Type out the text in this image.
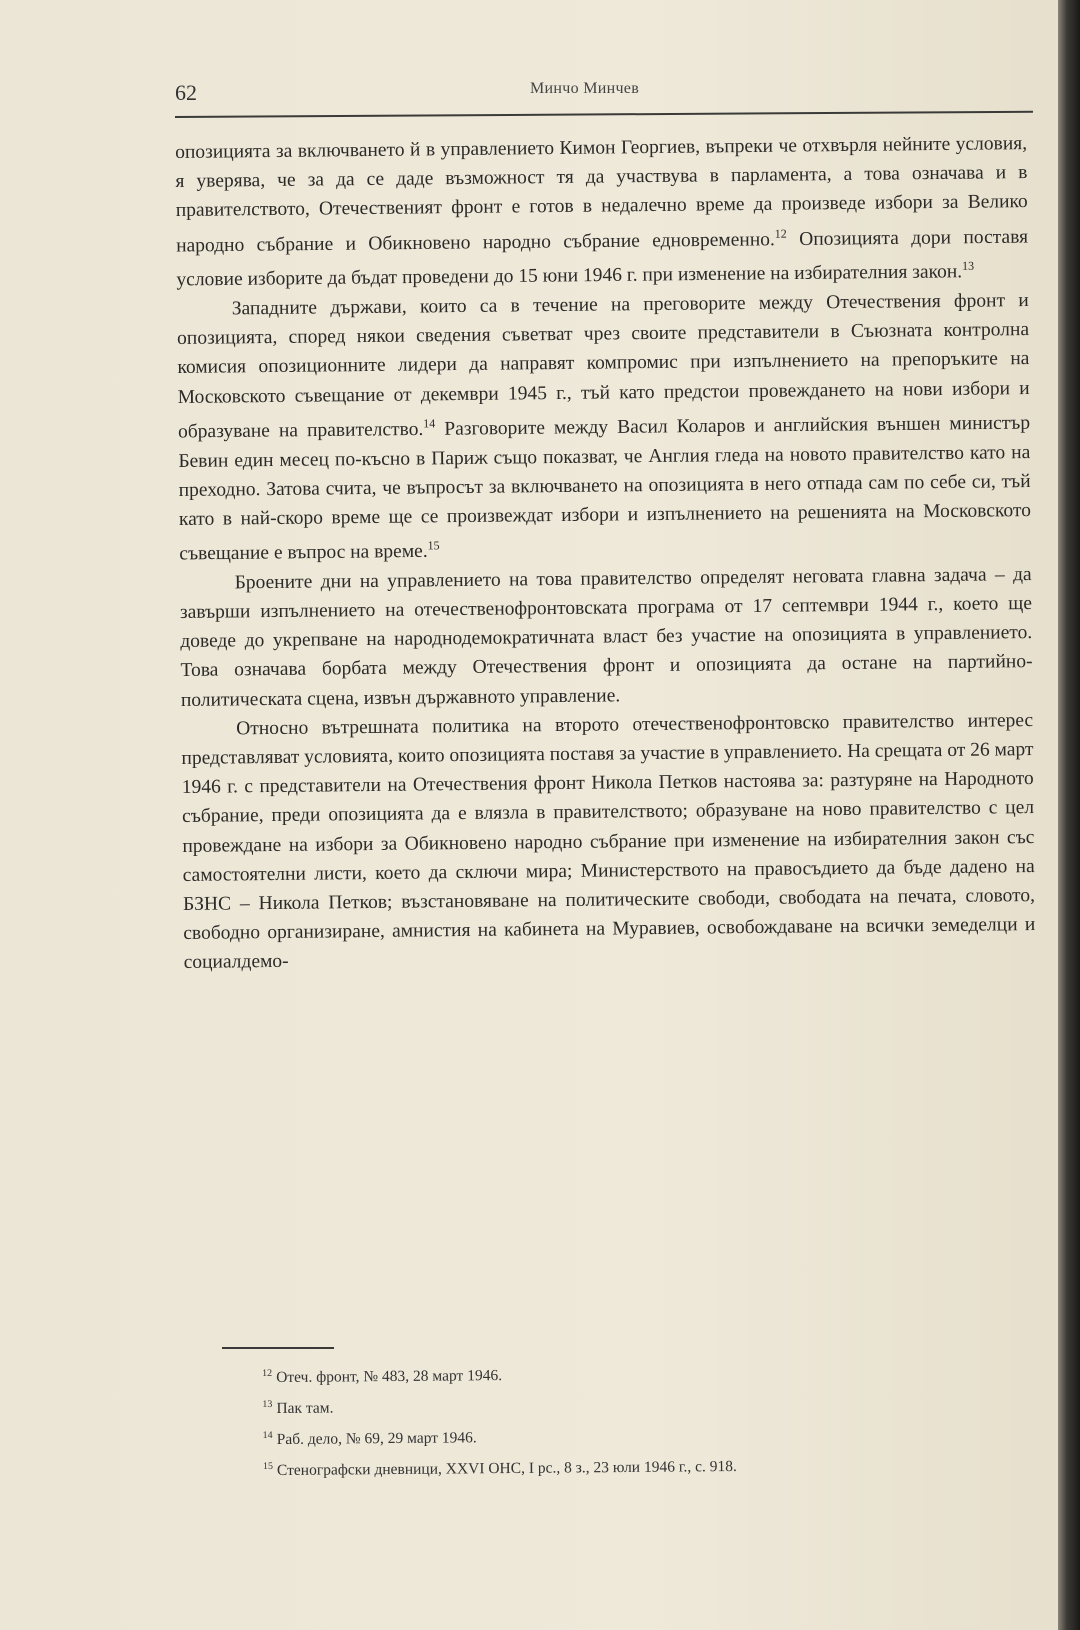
62	Минчо Минчев

опозицията за включването й в управлението Кимон Георгиев, въпреки че отхвърля нейните условия, я уверява, че за да се даде възможност тя да участвува в парламента, а това означава и в правителството, Отечественият фронт е готов в недалечно време да произведе избори за Велико народно събрание и Обикновено народно събрание едновременно.$^{12}$ Опозицията дори поставя условие изборите да бъдат проведени до 15 юни 1946 г. при изменение на избирателния закон.$^{13}$

Западните държави, които са в течение на преговорите между Отечествения фронт и опозицията, според някои сведения съветват чрез своите представители в Съюзната контролна комисия опозиционните лидери да направят компромис при изпълнението на препоръките на Московското съвещание от декември 1945 г., тъй като предстои провеждането на нови избори и образуване на правителство.$^{14}$ Разговорите между Васил Коларов и английския външен министър Бевин един месец по-късно в Париж също показват, че Англия гледа на новото правителство като на преходно. Затова счита, че въпросът за включването на опозицията в него отпада сам по себе си, тъй като в най-скоро време ще се произвеждат избори и изпълнението на решенията на Московското съвещание е въпрос на време.$^{15}$

Броените дни на управлението на това правителство определят неговата главна задача – да завърши изпълнението на отечественофронтовската програма от 17 септември 1944 г., което ще доведе до укрепване на народнодемократичната власт без участие на опозицията в управлението. Това означава борбата между Отечествения фронт и опозицията да остане на партийно-политическата сцена, извън държавното управление.

Относно вътрешната политика на второто отечественофронтовско правителство интерес представляват условията, които опозицията поставя за участие в управлението. На срещата от 26 март 1946 г. с представители на Отечествения фронт Никола Петков настоява за: разтуряне на Народното събрание, преди опозицията да е влязла в правителството; образуване на ново правителство с цел провеждане на избори за Обикновено народно събрание при изменение на избирателния закон със самостоятелни листи, което да сключи мира; Министерството на правосъдието да бъде дадено на БЗНС – Никола Петков; възстановяване на политическите свободи, свободата на печата, словото, свободно организиране, амнистия на кабинета на Муравиев, освобождаване на всички земеделци и социалдемо-

$^{12}$ Отеч. фронт, № 483, 28 март 1946.
$^{13}$ Пак там.
$^{14}$ Раб. дело, № 69, 29 март 1946.
$^{15}$ Стенографски дневници, XXVI ОНС, I рс., 8 з., 23 юли 1946 г., с. 918.
